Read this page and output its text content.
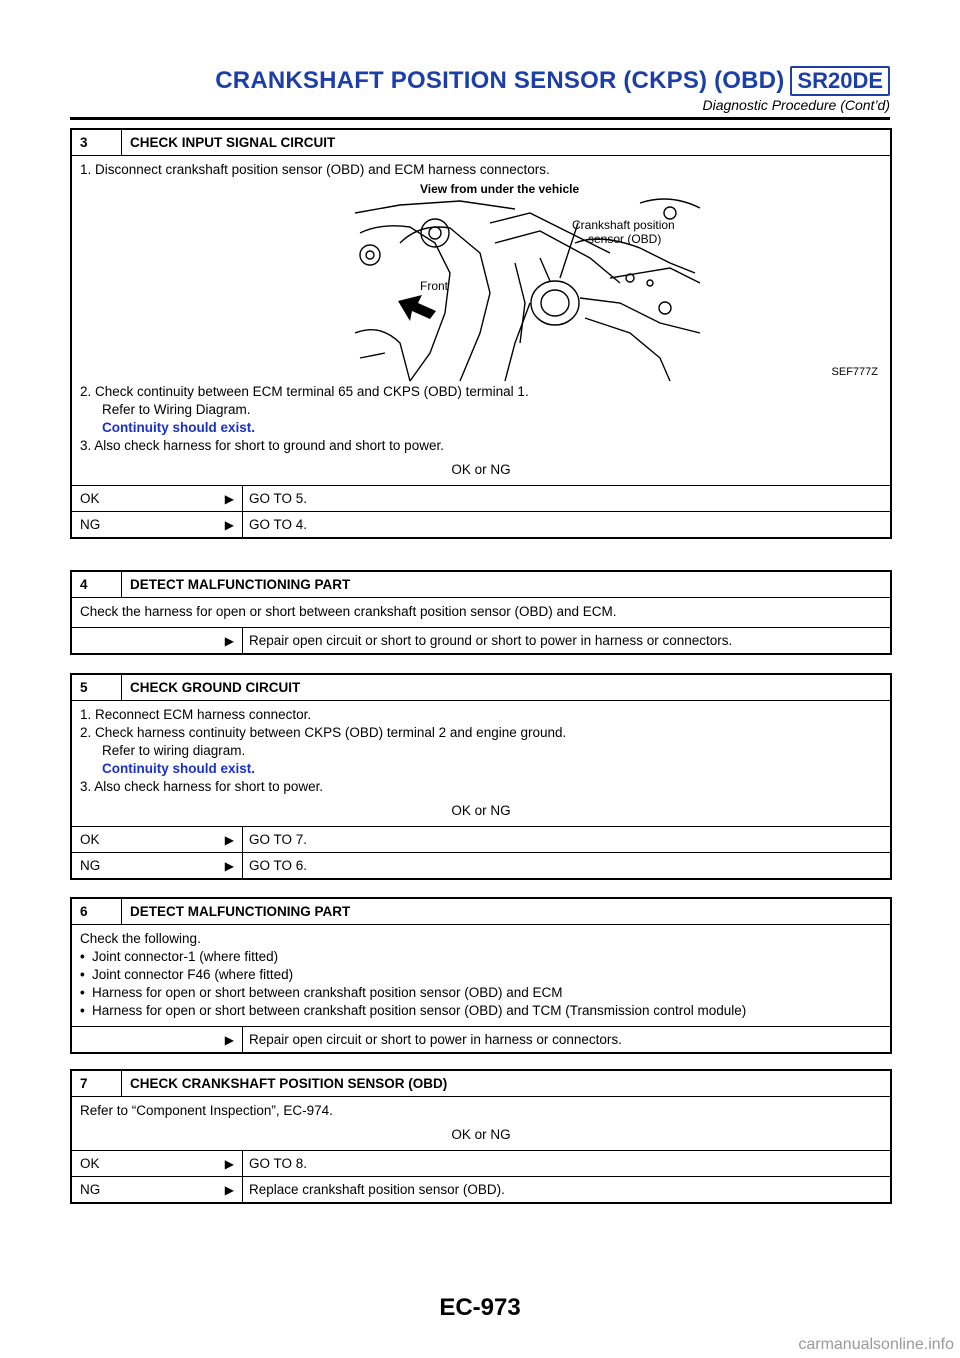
CRANKSHAFT POSITION SENSOR (CKPS) (OBD) SR20DE
Diagnostic Procedure (Cont’d)
3	CHECK INPUT SIGNAL CIRCUIT
1. Disconnect crankshaft position sensor (OBD) and ECM harness connectors.
View from under the vehicle
Crankshaft position
sensor (OBD)
Front
SEF777Z
2. Check continuity between ECM terminal 65 and CKPS (OBD) terminal 1.
Refer to Wiring Diagram.
Continuity should exist.
3. Also check harness for short to ground and short to power.
OK or NG
OK	▶	GO TO 5.
NG	▶	GO TO 4.
4	DETECT MALFUNCTIONING PART
Check the harness for open or short between crankshaft position sensor (OBD) and ECM.
▶	Repair open circuit or short to ground or short to power in harness or connectors.
5	CHECK GROUND CIRCUIT
1. Reconnect ECM harness connector.
2. Check harness continuity between CKPS (OBD) terminal 2 and engine ground.
Refer to wiring diagram.
Continuity should exist.
3. Also check harness for short to power.
OK or NG
OK	▶	GO TO 7.
NG	▶	GO TO 6.
6	DETECT MALFUNCTIONING PART
Check the following.
• Joint connector-1 (where fitted)
• Joint connector F46 (where fitted)
• Harness for open or short between crankshaft position sensor (OBD) and ECM
• Harness for open or short between crankshaft position sensor (OBD) and TCM (Transmission control module)
▶	Repair open circuit or short to power in harness or connectors.
7	CHECK CRANKSHAFT POSITION SENSOR (OBD)
Refer to “Component Inspection”, EC-974.
OK or NG
OK	▶	GO TO 8.
NG	▶	Replace crankshaft position sensor (OBD).
EC-973
carmanualsonline.info
